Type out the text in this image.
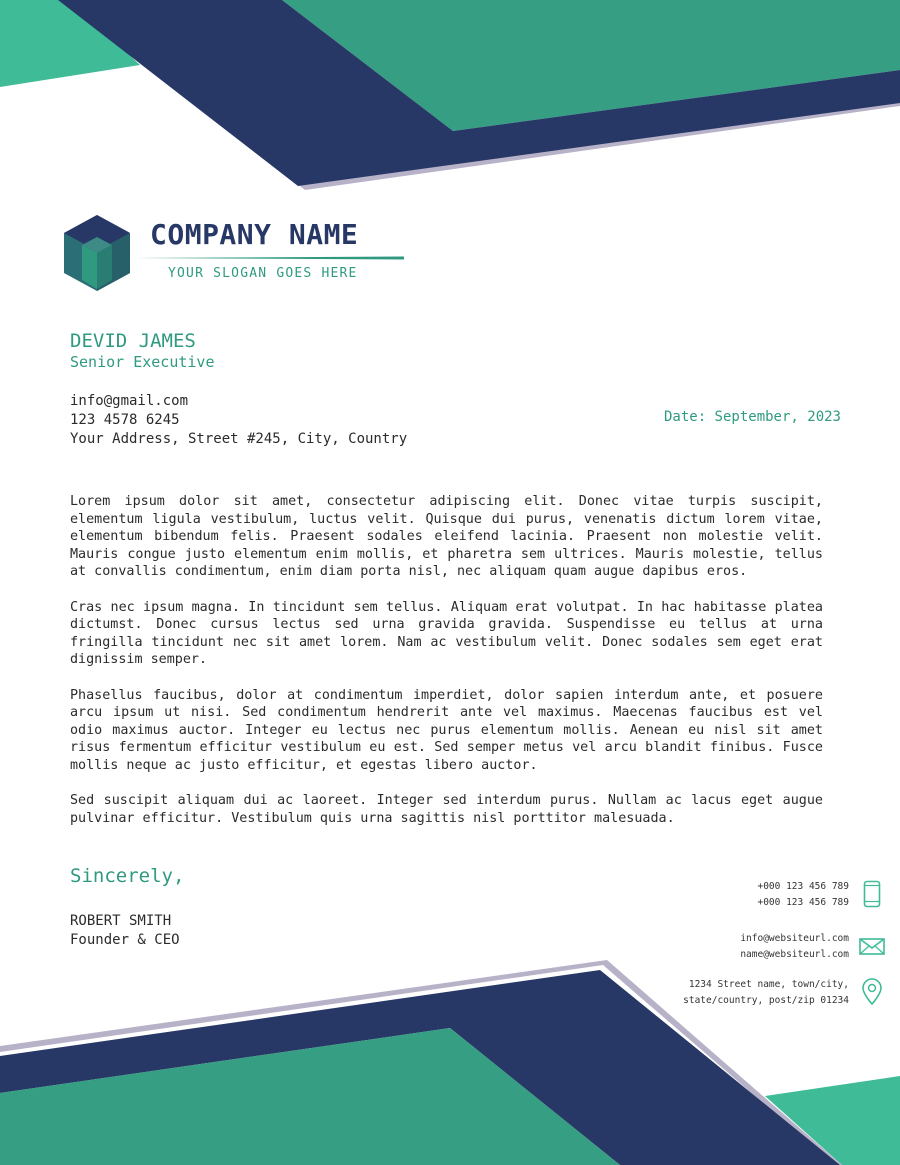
COMPANY NAME
YOUR SLOGAN GOES HERE
DEVID JAMES
Senior Executive
info@gmail.com
123 4578 6245
Your Address, Street #245, City, Country
Date: September, 2023

Lorem ipsum dolor sit amet, consectetur adipiscing elit. Donec vitae turpis suscipit, elementum ligula vestibulum, luctus velit. Quisque dui purus, venenatis dictum lorem vitae, elementum bibendum felis. Praesent sodales eleifend lacinia. Praesent non molestie velit. Mauris congue justo elementum enim mollis, et pharetra sem ultrices. Mauris molestie, tellus at convallis condimentum, enim diam porta nisl, nec aliquam quam augue dapibus eros.

Cras nec ipsum magna. In tincidunt sem tellus. Aliquam erat volutpat. In hac habitasse platea dictumst. Donec cursus lectus sed urna gravida gravida. Suspendisse eu tellus at urna fringilla tincidunt nec sit amet lorem. Nam ac vestibulum velit. Donec sodales sem eget erat dignissim semper.

Phasellus faucibus, dolor at condimentum imperdiet, dolor sapien interdum ante, et posuere arcu ipsum ut nisi. Sed condimentum hendrerit ante vel maximus. Maecenas faucibus est vel odio maximus auctor. Integer eu lectus nec purus elementum mollis. Aenean eu nisl sit amet risus fermentum efficitur vestibulum eu est. Sed semper metus vel arcu blandit finibus. Fusce mollis neque ac justo efficitur, et egestas libero auctor.

Sed suscipit aliquam dui ac laoreet. Integer sed interdum purus. Nullam ac lacus eget augue pulvinar efficitur. Vestibulum quis urna sagittis nisl porttitor malesuada.

Sincerely,
ROBERT SMITH
Founder & CEO
+000 123 456 789
+000 123 456 789
info@websiteurl.com
name@websiteurl.com
1234 Street name, town/city,
state/country, post/zip 01234
